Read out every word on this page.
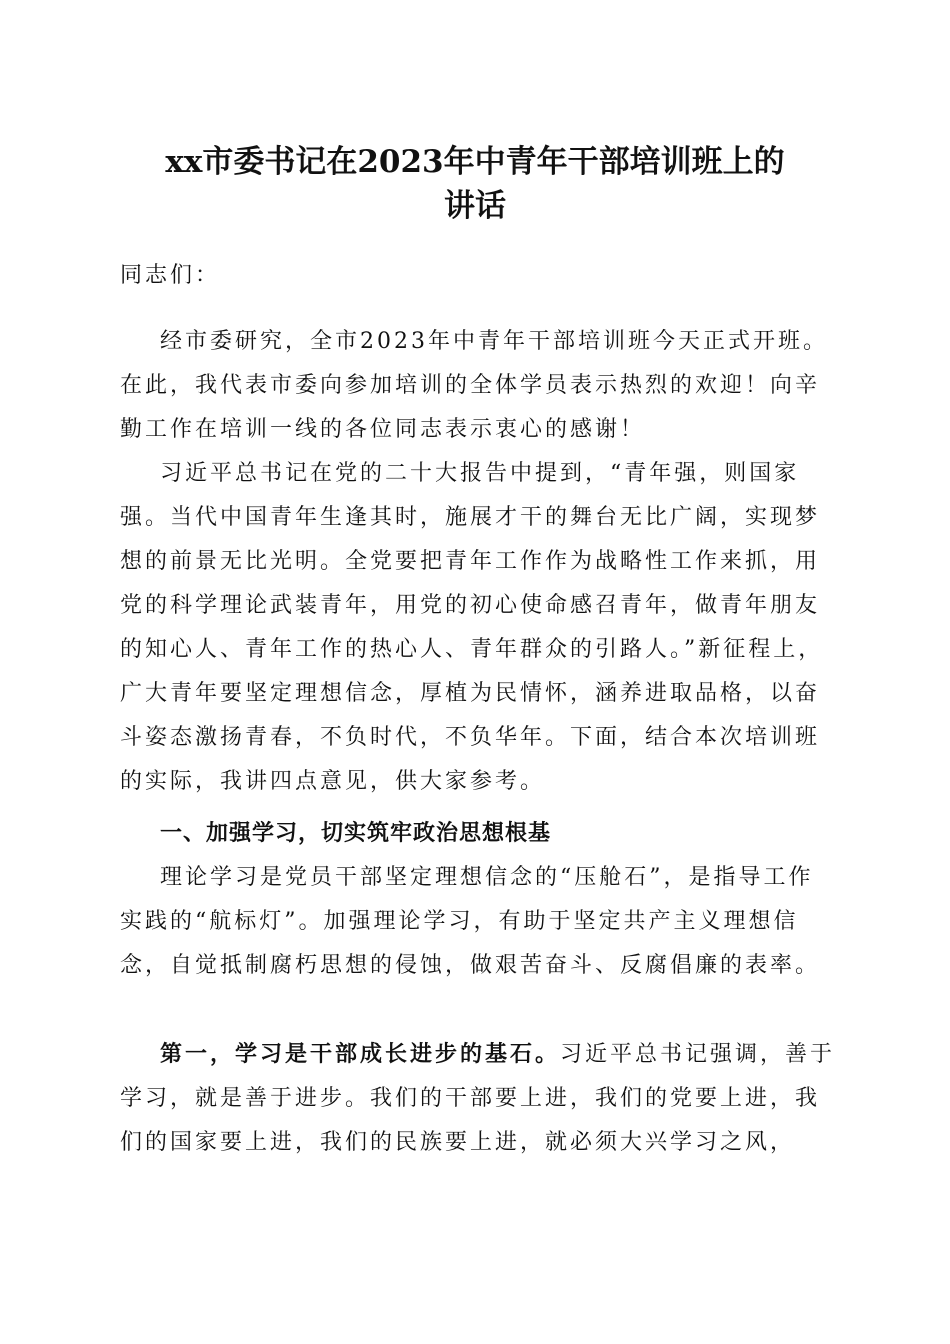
xx市委书记在2023年中青年干部培训班上的
讲话

同志们：

经市委研究，全市2023年中青年干部培训班今天正式开班。在此，我代表市委向参加培训的全体学员表示热烈的欢迎！向辛勤工作在培训一线的各位同志表示衷心的感谢！

习近平总书记在党的二十大报告中提到，“青年强，则国家强。当代中国青年生逢其时，施展才干的舞台无比广阔，实现梦想的前景无比光明。全党要把青年工作作为战略性工作来抓，用党的科学理论武装青年，用党的初心使命感召青年，做青年朋友的知心人、青年工作的热心人、青年群众的引路人。”新征程上，广大青年要坚定理想信念，厚植为民情怀，涵养进取品格，以奋斗姿态激扬青春，不负时代，不负华年。下面，结合本次培训班的实际，我讲四点意见，供大家参考。

一、加强学习，切实筑牢政治思想根基

理论学习是党员干部坚定理想信念的“压舱石”，是指导工作实践的“航标灯”。加强理论学习，有助于坚定共产主义理想信念，自觉抵制腐朽思想的侵蚀，做艰苦奋斗、反腐倡廉的表率。

第一，学习是干部成长进步的基石。习近平总书记强调，善于学习，就是善于进步。我们的干部要上进，我们的党要上进，我们的国家要上进，我们的民族要上进，就必须大兴学习之风，
